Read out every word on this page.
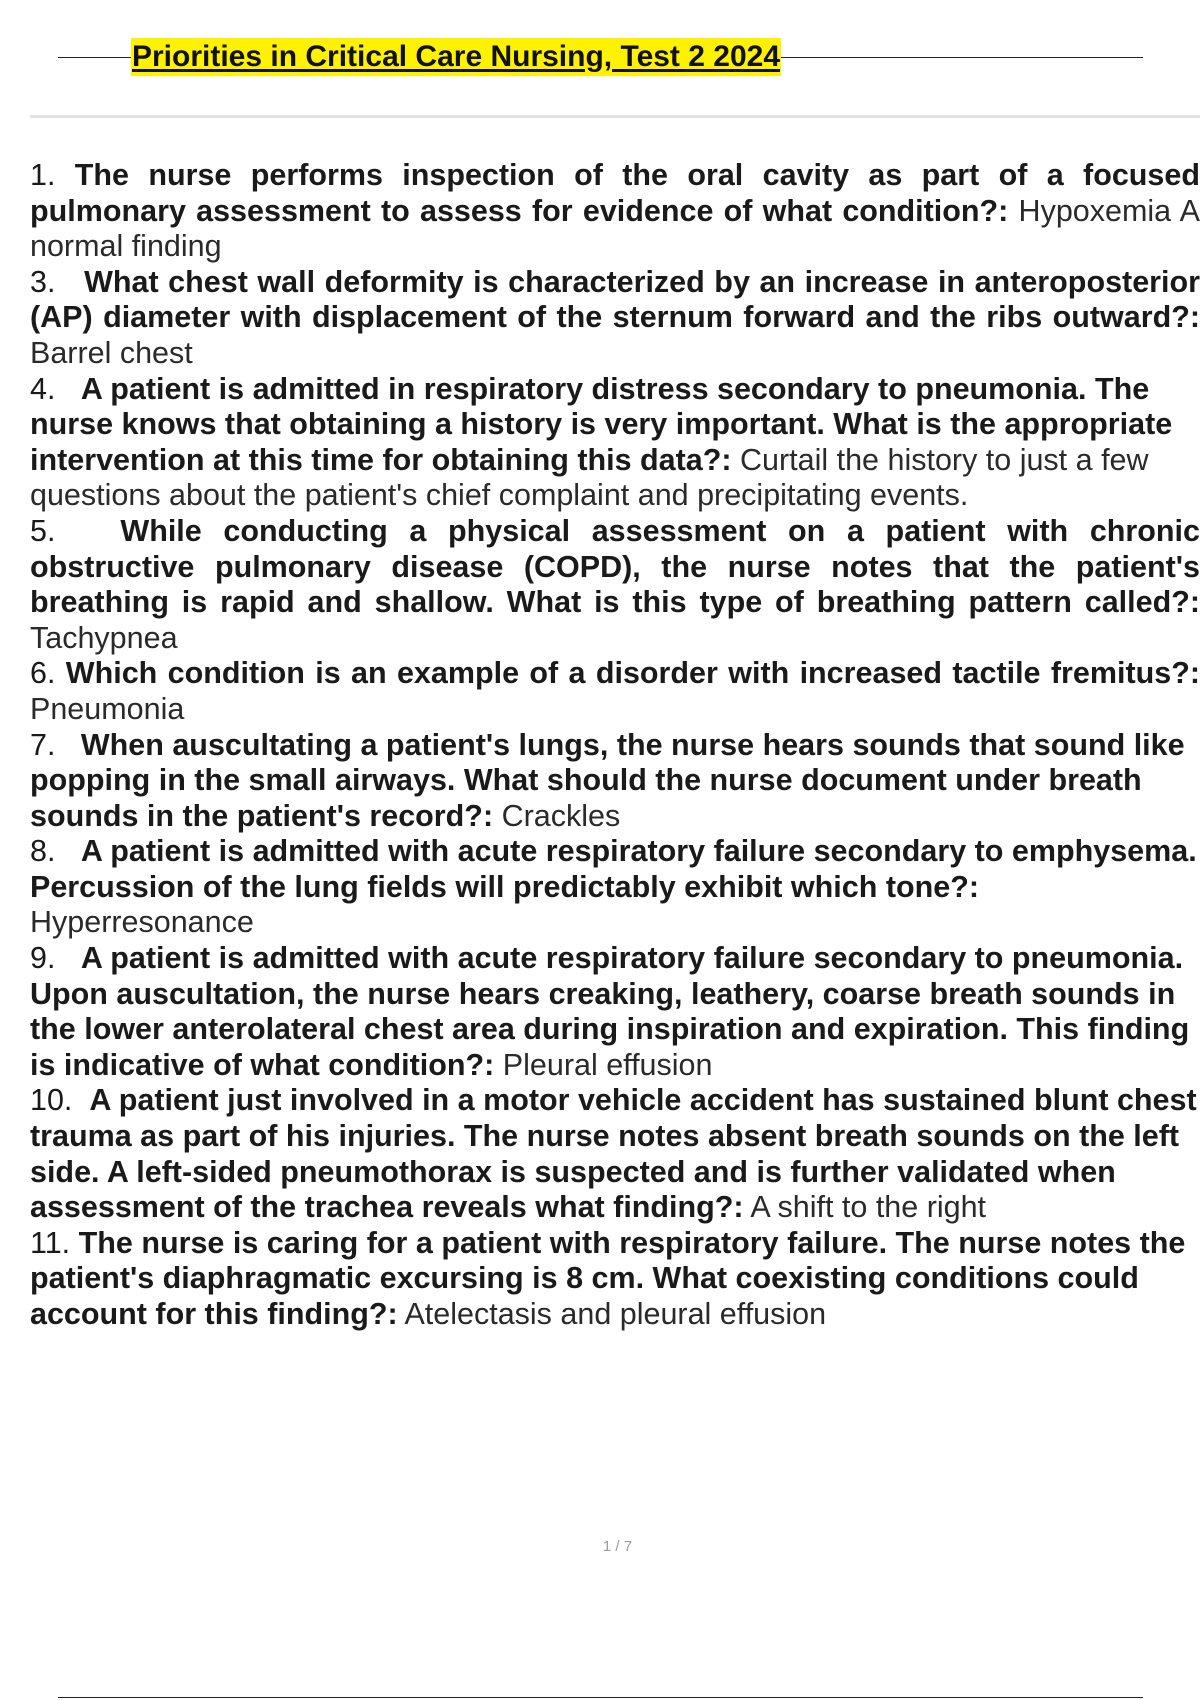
Priorities in Critical Care Nursing, Test 2 2024

1. The nurse performs inspection of the oral cavity as part of a focused pulmonary assessment to assess for evidence of what condition?: Hypoxemia A normal finding

3. What chest wall deformity is characterized by an increase in anteroposterior (AP) diameter with displacement of the sternum forward and the ribs outward?: Barrel chest

4. A patient is admitted in respiratory distress secondary to pneumonia. The nurse knows that obtaining a history is very important. What is the appropriate intervention at this time for obtaining this data?: Curtail the history to just a few questions about the patient's chief complaint and precipitating events.

5. While conducting a physical assessment on a patient with chronic obstructive pulmonary disease (COPD), the nurse notes that the patient's breathing is rapid and shallow. What is this type of breathing pattern called?: Tachypnea

6. Which condition is an example of a disorder with increased tactile fremitus?: Pneumonia

7. When auscultating a patient's lungs, the nurse hears sounds that sound like popping in the small airways. What should the nurse document under breath sounds in the patient's record?: Crackles

8. A patient is admitted with acute respiratory failure secondary to emphysema. Percussion of the lung fields will predictably exhibit which tone?: Hyperresonance

9. A patient is admitted with acute respiratory failure secondary to pneumonia. Upon auscultation, the nurse hears creaking, leathery, coarse breath sounds in the lower anterolateral chest area during inspiration and expiration. This finding is indicative of what condition?: Pleural effusion

10. A patient just involved in a motor vehicle accident has sustained blunt chest trauma as part of his injuries. The nurse notes absent breath sounds on the left side. A left-sided pneumothorax is suspected and is further validated when assessment of the trachea reveals what finding?: A shift to the right

11. The nurse is caring for a patient with respiratory failure. The nurse notes the patient's diaphragmatic excursing is 8 cm. What coexisting conditions could account for this finding?: Atelectasis and pleural effusion

1 / 7
